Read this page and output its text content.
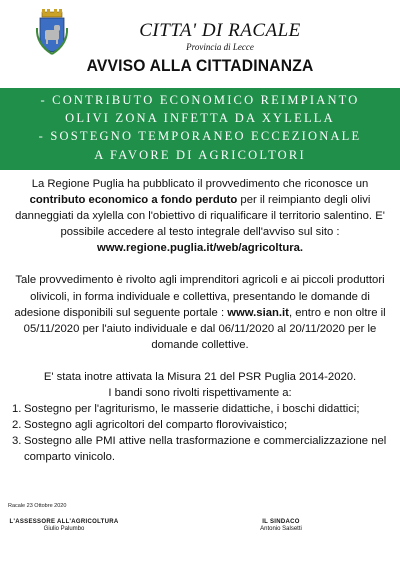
CITTA' DI RACALE
Provincia di Lecce
AVVISO ALLA CITTADINANZA
- CONTRIBUTO ECONOMICO REIMPIANTO
OLIVI ZONA INFETTA DA XYLELLA
- SOSTEGNO TEMPORANEO ECCEZIONALE
A FAVORE DI AGRICOLTORI

La Regione Puglia ha pubblicato il provvedimento che riconosce un contributo economico a fondo perduto per il reimpianto degli olivi danneggiati da xylella con l'obiettivo di riqualificare il territorio salentino. E' possibile accedere al testo integrale dell'avviso sul sito :

www.regione.puglia.it/web/agricoltura.

Tale provvedimento è rivolto agli imprenditori agricoli e ai piccoli produttori olivicoli, in forma individuale e collettiva, presentando le domande di adesione disponibili sul seguente portale : www.sian.it, entro e non oltre il 05/11/2020 per l'aiuto individuale e dal 06/11/2020 al 20/11/2020 per le domande collettive.

E' stata inotre attivata la Misura 21 del PSR Puglia 2014-2020.

I bandi sono rivolti rispettivamente a:

1. Sostegno per l'agriturismo, le masserie didattiche, i boschi didattici;
2. Sostegno agli agricoltori del comparto florovivaistico;
3. Sostegno alle PMI attive nella trasformazione e commercializzazione nel comparto vinicolo.
Racale 23 Ottobre 2020
L'ASSESSORE ALL'AGRICOLTURA
Giulio Palumbo
IL SINDACO
Antonio Salsetti
